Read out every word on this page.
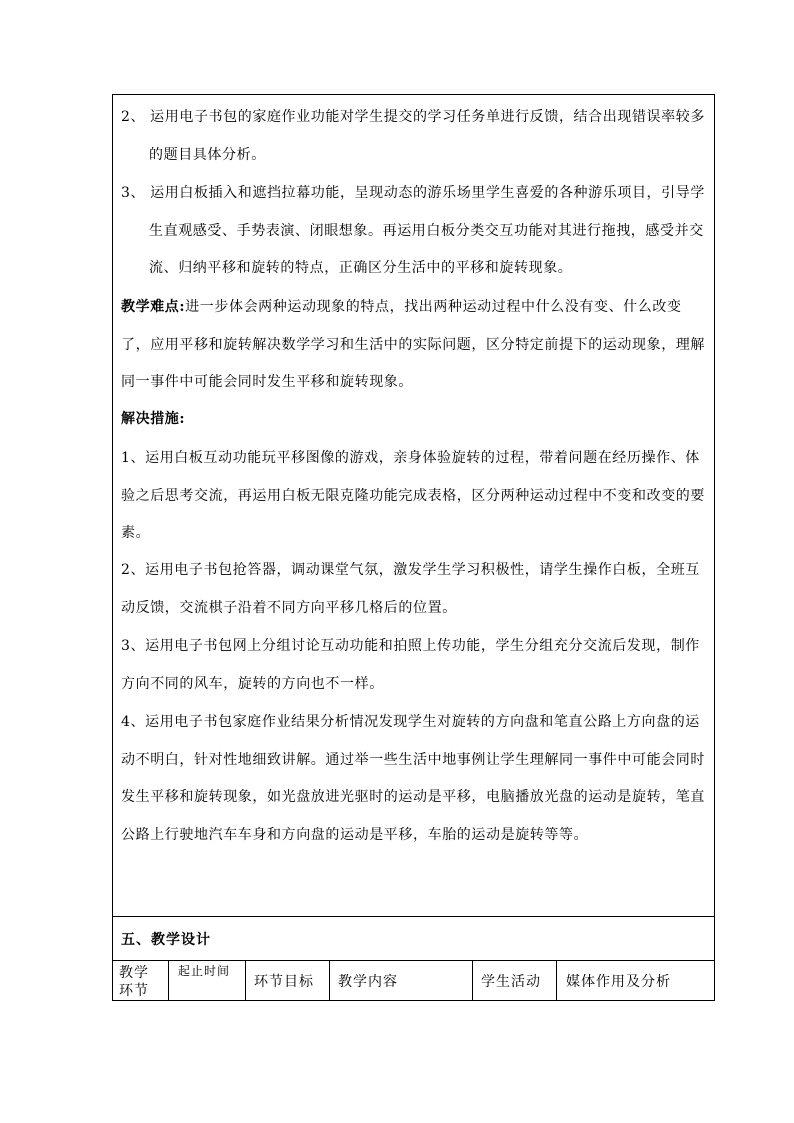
2、 运用电子书包的家庭作业功能对学生提交的学习任务单进行反馈，结合出现错误率较多的题目具体分析。

3、 运用白板插入和遮挡拉幕功能，呈现动态的游乐场里学生喜爱的各种游乐项目，引导学生直观感受、手势表演、闭眼想象。再运用白板分类交互功能对其进行拖拽，感受并交流、归纳平移和旋转的特点，正确区分生活中的平移和旋转现象。

教学难点:进一步体会两种运动现象的特点，找出两种运动过程中什么没有变、什么改变了，应用平移和旋转解决数学学习和生活中的实际问题，区分特定前提下的运动现象，理解同一事件中可能会同时发生平移和旋转现象。

解决措施:

1、运用白板互动功能玩平移图像的游戏，亲身体验旋转的过程，带着问题在经历操作、体验之后思考交流，再运用白板无限克隆功能完成表格，区分两种运动过程中不变和改变的要素。

2、运用电子书包抢答器，调动课堂气氛，激发学生学习积极性，请学生操作白板，全班互动反馈，交流棋子沿着不同方向平移几格后的位置。

3、运用电子书包网上分组讨论互动功能和拍照上传功能，学生分组充分交流后发现，制作方向不同的风车，旋转的方向也不一样。

4、运用电子书包家庭作业结果分析情况发现学生对旋转的方向盘和笔直公路上方向盘的运动不明白，针对性地细致讲解。通过举一些生活中地事例让学生理解同一事件中可能会同时发生平移和旋转现象，如光盘放进光驱时的运动是平移，电脑播放光盘的运动是旋转，笔直公路上行驶地汽车车身和方向盘的运动是平移，车胎的运动是旋转等等。

五、教学设计
教学
环节
起止时间
环节目标 教学内容	学生活动 媒体作用及分析
